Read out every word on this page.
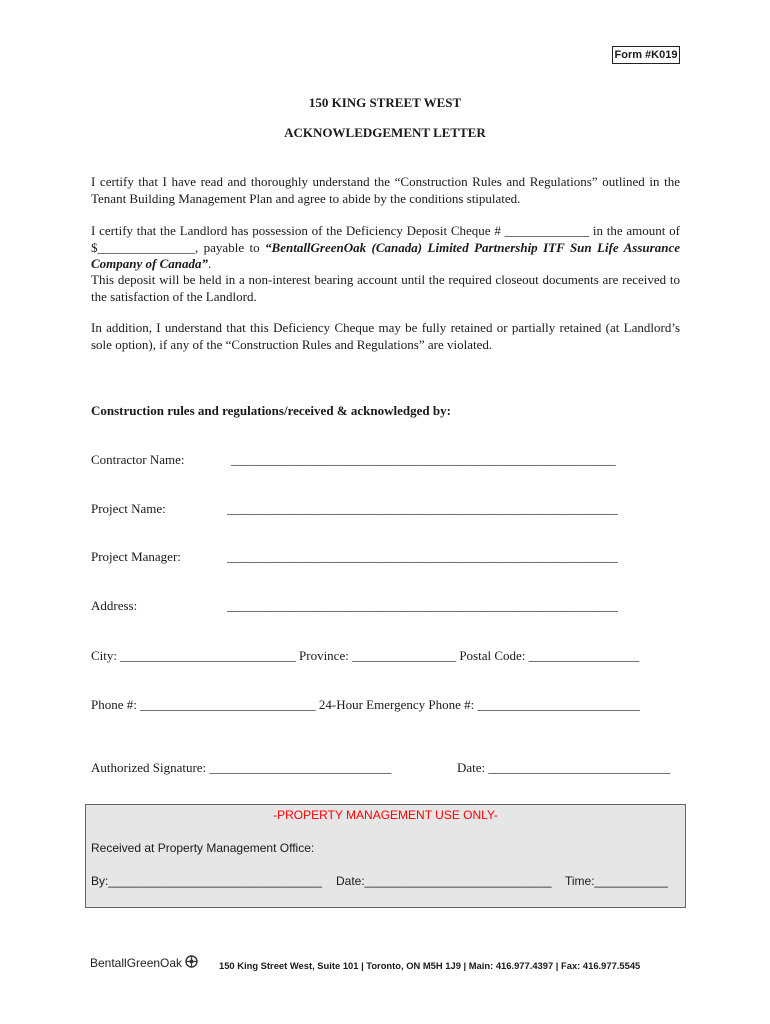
Form #K019
150 KING STREET WEST
ACKNOWLEDGEMENT LETTER

I certify that I have read and thoroughly understand the “Construction Rules and Regulations” outlined in the Tenant Building Management Plan and agree to abide by the conditions stipulated.

I certify that the Landlord has possession of the Deficiency Deposit Cheque # _____________ in the amount of $_______________, payable to “BentallGreenOak (Canada) Limited Partnership ITF Sun Life Assurance Company of Canada”.

This deposit will be held in a non-interest bearing account until the required closeout documents are received to the satisfaction of the Landlord.

In addition, I understand that this Deficiency Cheque may be fully retained or partially retained (at Landlord’s sole option), if any of the “Construction Rules and Regulations” are violated.

Construction rules and regulations/received & acknowledged by:
Contractor Name:	______________________________________________________________
Project Name:	_______________________________________________________________
Project Manager:	_______________________________________________________________
Address:	_______________________________________________________________
City: ___________________________ Province: ________________ Postal Code: _________________
Phone #: ___________________________ 24-Hour Emergency Phone #: _________________________
Authorized Signature: ____________________________	Date: ____________________________
-PROPERTY MANAGEMENT USE ONLY-
Received at Property Management Office:
By:________________________________ Date:____________________________ Time:___________
BentallGreenOak	150 King Street West, Suite 101 | Toronto, ON M5H 1J9 | Main: 416.977.4397 | Fax: 416.977.5545
